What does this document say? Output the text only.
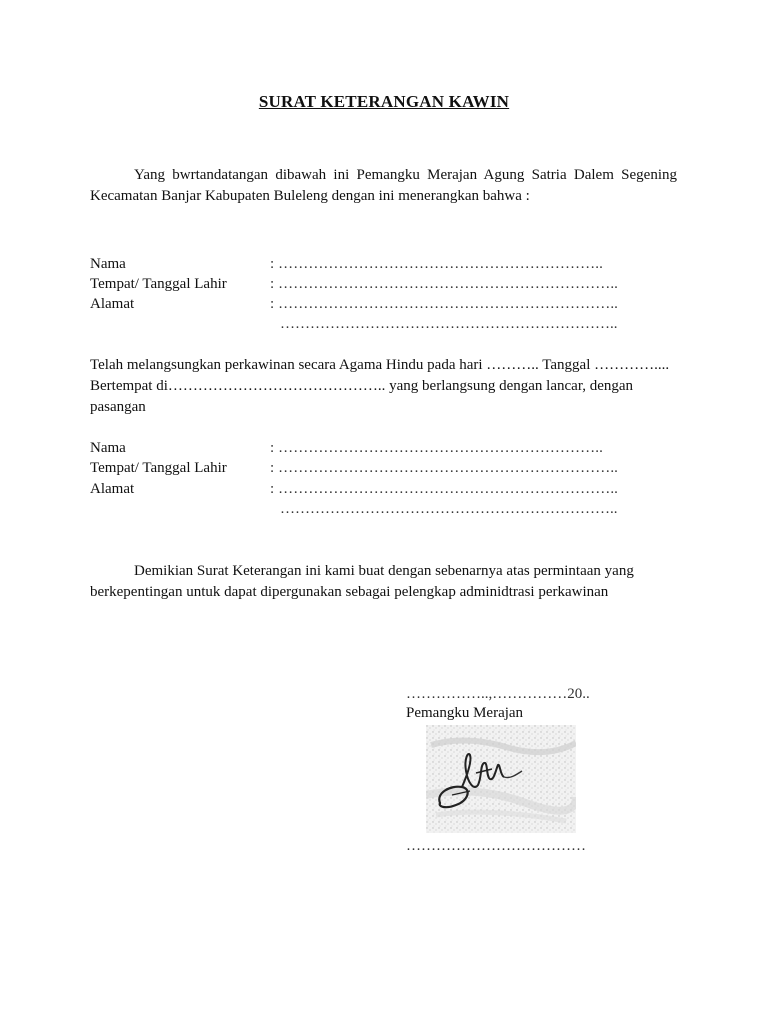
SURAT KETERANGAN KAWIN
Yang bwrtandatangan dibawah ini Pemangku Merajan Agung Satria Dalem Segening Kecamatan Banjar Kabupaten Buleleng dengan ini menerangkan bahwa :
Nama	: ………………………………………………………..
Tempat/ Tanggal Lahir	: …………………………………………………………..
Alamat	: …………………………………………………………..
…………………………………………………………..
Telah melangsungkan perkawinan secara Agama Hindu pada hari ……….. Tanggal …………....
Bertempat di…………………………………….. yang berlangsung dengan lancar, dengan
pasangan
Nama	: ………………………………………………………..
Tempat/ Tanggal Lahir	: …………………………………………………………..
Alamat	: …………………………………………………………..
…………………………………………………………..
Demikian Surat Keterangan ini kami buat dengan sebenarnya atas permintaan yang berkepentingan untuk dapat dipergunakan sebagai pelengkap adminidtrasi perkawinan
……………..,……………20..
Pemangku Merajan
………………………………
